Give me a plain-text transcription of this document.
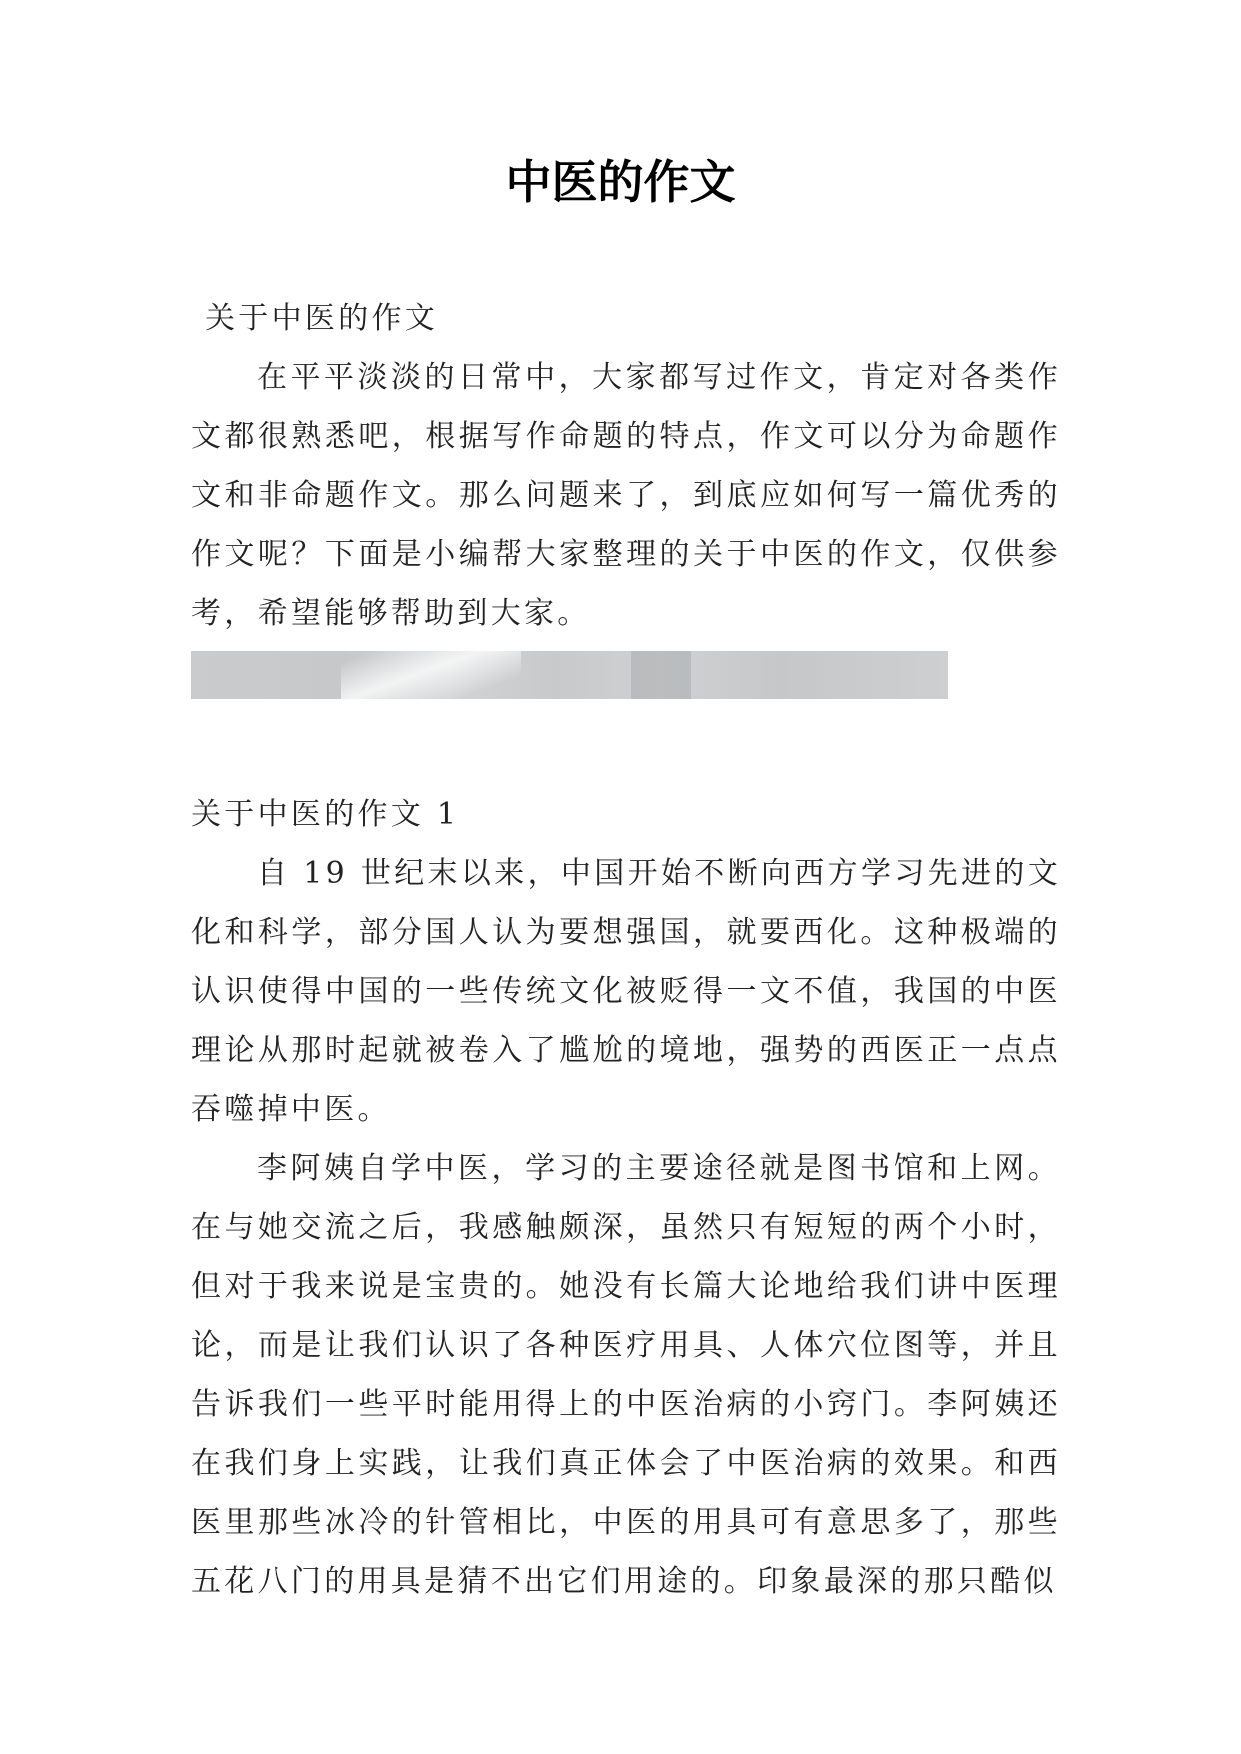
中医的作文

关于中医的作文

在平平淡淡的日常中，大家都写过作文，肯定对各类作文都很熟悉吧，根据写作命题的特点，作文可以分为命题作文和非命题作文。那么问题来了，到底应如何写一篇优秀的作文呢？下面是小编帮大家整理的关于中医的作文，仅供参考，希望能够帮助到大家。

关于中医的作文 1

自 19 世纪末以来，中国开始不断向西方学习先进的文化和科学，部分国人认为要想强国，就要西化。这种极端的认识使得中国的一些传统文化被贬得一文不值，我国的中医理论从那时起就被卷入了尴尬的境地，强势的西医正一点点吞噬掉中医。

李阿姨自学中医，学习的主要途径就是图书馆和上网。在与她交流之后，我感触颇深，虽然只有短短的两个小时，但对于我来说是宝贵的。她没有长篇大论地给我们讲中医理论，而是让我们认识了各种医疗用具、人体穴位图等，并且告诉我们一些平时能用得上的中医治病的小窍门。李阿姨还在我们身上实践，让我们真正体会了中医治病的效果。和西医里那些冰冷的针管相比，中医的用具可有意思多了，那些五花八门的用具是猜不出它们用途的。印象最深的那只酷似
